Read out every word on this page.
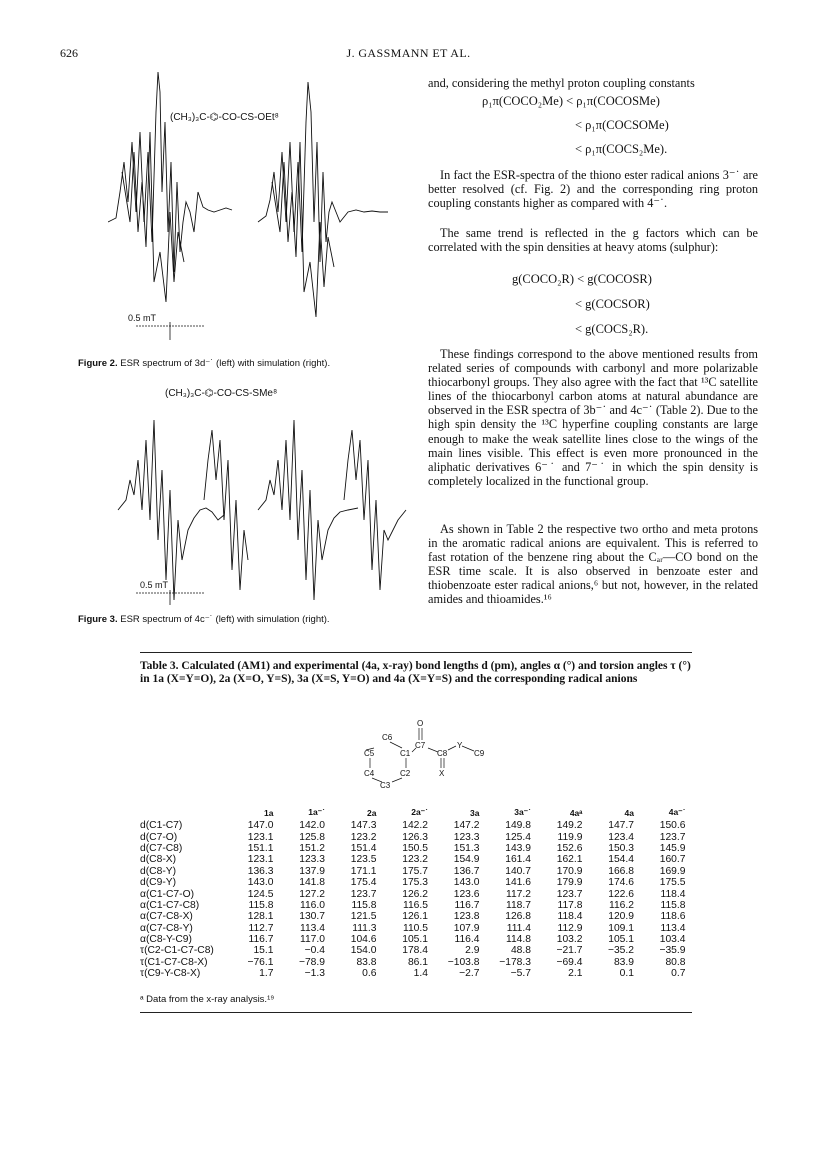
626	J. GASSMANN ET AL.
(CH₃)₃C-⌬-CO-CS-OEt⁸
0.5 mT
Figure 2. ESR spectrum of 3d⁻˙ (left) with simulation (right).
(CH₃)₃C-⌬-CO-CS-SMe⁸
0.5 mT
Figure 3. ESR spectrum of 4c⁻˙ (left) with simulation (right).

and, considering the methyl proton coupling constants

ρ₁π(COCO₂Me) < ρ₁π(COCOSMe)
< ρ₁π(COCSOMe)
< ρ₁π(COCS₂Me).

In fact the ESR-spectra of the thiono ester radical anions 3⁻˙ are better resolved (cf. Fig. 2) and the corresponding ring proton coupling constants higher as compared with 4⁻˙.

The same trend is reflected in the g factors which can be correlated with the spin densities at heavy atoms (sulphur):

g(COCO₂R) < g(COCOSR)
< g(COCSOR)
< g(COCS₂R).

These findings correspond to the above mentioned results from related series of compounds with carbonyl and more polarizable thiocarbonyl groups. They also agree with the fact that ¹³C satellite lines of the thiocarbonyl carbon atoms at natural abundance are observed in the ESR spectra of 3b⁻˙ and 4c⁻˙ (Table 2). Due to the high spin density the ¹³C hyperfine coupling constants are large enough to make the weak satellite lines close to the wings of the main lines visible. This effect is even more pronounced in the aliphatic derivatives 6⁻˙ and 7⁻˙ in which the spin density is completely localized in the functional group.

As shown in Table 2 the respective two ortho and meta protons in the aromatic radical anions are equivalent. This is referred to fast rotation of the benzene ring about the Cₐᵣ—CO bond on the ESR time scale. It is also observed in benzoate ester and thiobenzoate ester radical anions,⁶ but not, however, in the related amides and thioamides.¹⁶

Table 3. Calculated (AM1) and experimental (4a, x-ray) bond lengths d (pm), angles α (°) and torsion angles τ (°) in 1a (X=Y=O), 2a (X=O, Y=S), 3a (X=S, Y=O) and 4a (X=Y=S) and the corresponding radical anions
O
C6
C7	Y
C5	C1	C8	C9
C4	C2	X
C3
	1a	1a⁻˙	2a	2a⁻˙	3a	3a⁻˙	4aᵃ	4a	4a⁻˙
d(C1-C7)	147.0	142.0	147.3	142.2	147.2	149.8	149.2	147.7	150.6
d(C7-O)	123.1	125.8	123.2	126.3	123.3	125.4	119.9	123.4	123.7
d(C7-C8)	151.1	151.2	151.4	150.5	151.3	143.9	152.6	150.3	145.9
d(C8-X)	123.1	123.3	123.5	123.2	154.9	161.4	162.1	154.4	160.7
d(C8-Y)	136.3	137.9	171.1	175.7	136.7	140.7	170.9	166.8	169.9
d(C9-Y)	143.0	141.8	175.4	175.3	143.0	141.6	179.9	174.6	175.5
α(C1-C7-O)	124.5	127.2	123.7	126.2	123.6	117.2	123.7	122.6	118.4
α(C1-C7-C8)	115.8	116.0	115.8	116.5	116.7	118.7	117.8	116.2	115.8
α(C7-C8-X)	128.1	130.7	121.5	126.1	123.8	126.8	118.4	120.9	118.6
α(C7-C8-Y)	112.7	113.4	111.3	110.5	107.9	111.4	112.9	109.1	113.4
α(C8-Y-C9)	116.7	117.0	104.6	105.1	116.4	114.8	103.2	105.1	103.4
τ(C2-C1-C7-C8)	15.1	−0.4	154.0	178.4	2.9	48.8	−21.7	−35.2	−35.9
τ(C1-C7-C8-X)	−76.1	−78.9	83.8	86.1	−103.8	−178.3	−69.4	83.9	80.8
τ(C9-Y-C8-X)	1.7	−1.3	0.6	1.4	−2.7	−5.7	2.1	0.1	0.7
ᵃ Data from the x-ray analysis.¹⁹
